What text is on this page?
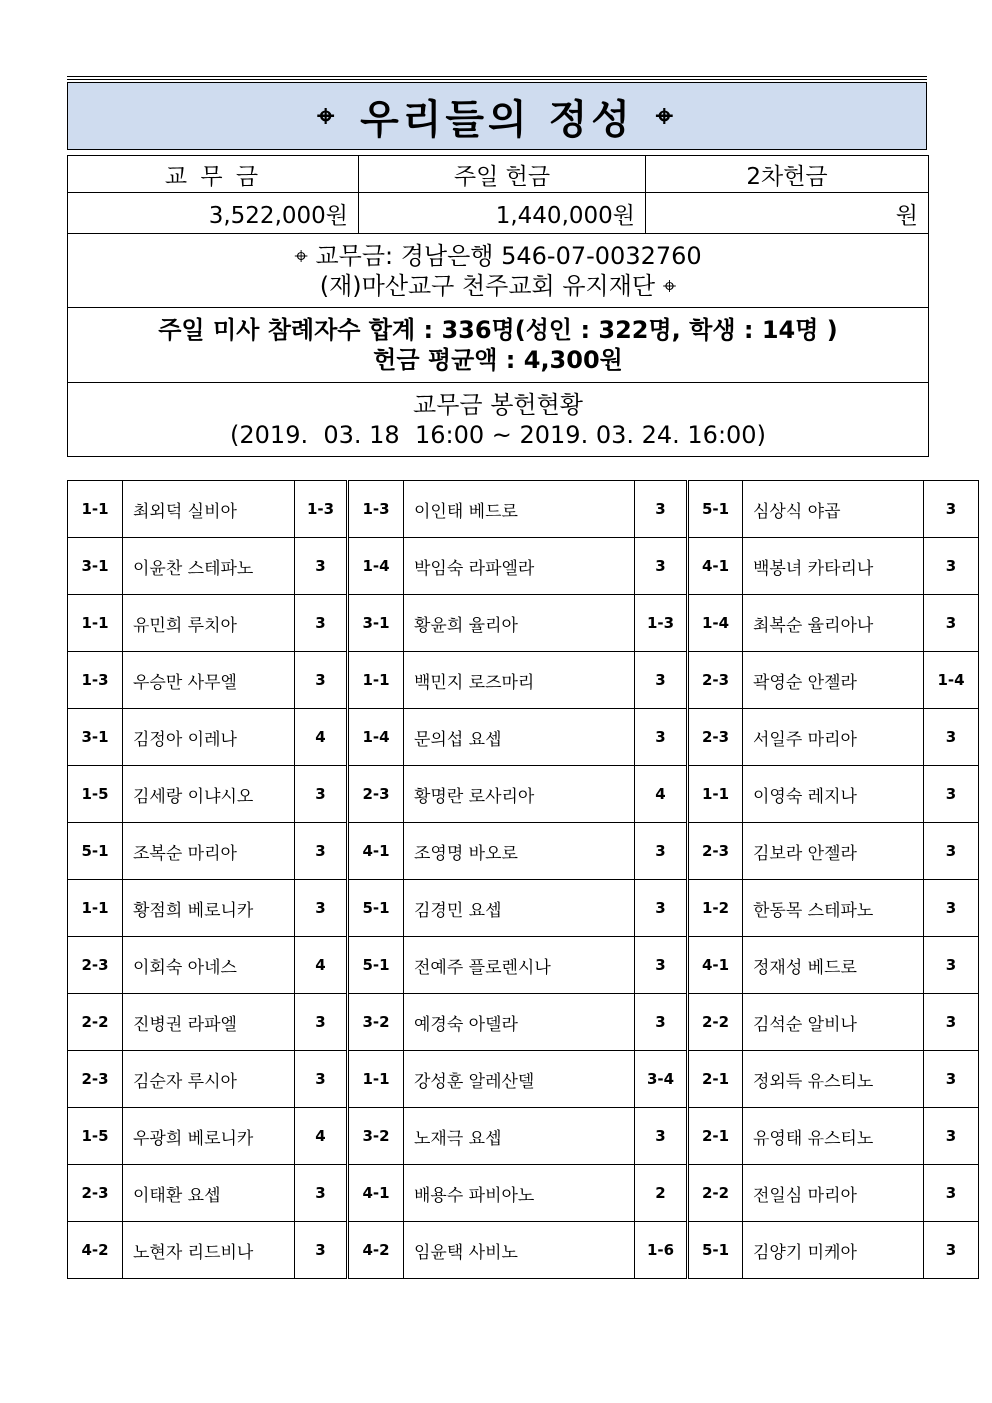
⌖ 우리들의 정성 ⌖
교 무 금	주일 헌금	2차헌금
3,522,000원	1,440,000원	원

⌖ 교무금: 경남은행 546-07-0032760
(재)마산교구 천주교회 유지재단 ⌖		

주일 미사 참례자수 합계 : 336명(성인 : 322명, 학생 : 14명 )
헌금 평균액 : 4,300원		

교무금 봉헌현황
(2019.  03. 18  16:00 ~ 2019. 03. 24. 16:00)		
1-1	최외덕 실비아	1-3	1-3	이인태 베드로	3	5-1	심상식 야곱	3
3-1	이윤찬 스테파노	3	1-4	박임숙 라파엘라	3	4-1	백봉녀 카타리나	3
1-1	유민희 루치아	3	3-1	황윤희 율리아	1-3	1-4	최복순 율리아나	3
1-3	우승만 사무엘	3	1-1	백민지 로즈마리	3	2-3	곽영순 안젤라	1-4
3-1	김정아 이레나	4	1-4	문의섭 요셉	3	2-3	서일주 마리아	3
1-5	김세랑 이냐시오	3	2-3	황명란 로사리아	4	1-1	이영숙 레지나	3
5-1	조복순 마리아	3	4-1	조영명 바오로	3	2-3	김보라 안젤라	3
1-1	황점희 베로니카	3	5-1	김경민 요셉	3	1-2	한동목 스테파노	3
2-3	이회숙 아네스	4	5-1	전예주 플로렌시나	3	4-1	정재성 베드로	3
2-2	진병권 라파엘	3	3-2	예경숙 아델라	3	2-2	김석순 알비나	3
2-3	김순자 루시아	3	1-1	강성훈 알레산델	3-4	2-1	정외득 유스티노	3
1-5	우광희 베로니카	4	3-2	노재극 요셉	3	2-1	유영태 유스티노	3
2-3	이태환 요셉	3	4-1	배용수 파비아노	2	2-2	전일심 마리아	3
4-2	노현자 리드비나	3	4-2	임윤택 사비노	1-6	5-1	김양기 미케아	3
